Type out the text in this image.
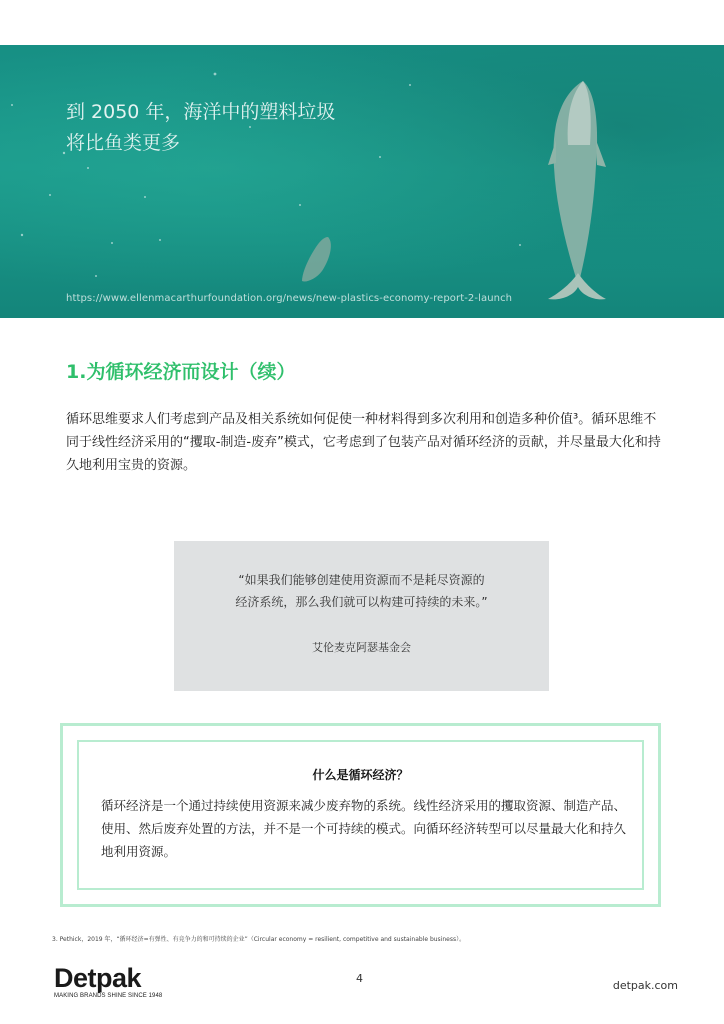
到 2050 年，海洋中的塑料垃圾
将比鱼类更多
https://www.ellenmacarthurfoundation.org/news/new-plastics-economy-report-2-launch
1.为循环经济而设计（续）

循环思维要求人们考虑到产品及相关系统如何促使一种材料得到多次利用和创造多种价值³。循环思维不同于线性经济采用的“攫取-制造-废弃”模式，它考虑到了包装产品对循环经济的贡献，并尽量最大化和持久地利用宝贵的资源。

“如果我们能够创建使用资源而不是耗尽资源的
经济系统，那么我们就可以构建可持续的未来。”

艾伦麦克阿瑟基金会
什么是循环经济？

循环经济是一个通过持续使用资源来减少废弃物的系统。线性经济采用的攫取资源、制造产品、使用、然后废弃处置的方法，并不是一个可持续的模式。向循环经济转型可以尽量最大化和持久地利用资源。

3. Pethick，2019 年，“循环经济=有弹性、有竞争力的和可持续的企业”（Circular economy = resilient, competitive and sustainable business）。
Detpak
MAKING BRANDS SHINE SINCE 1948
4
detpak.com
